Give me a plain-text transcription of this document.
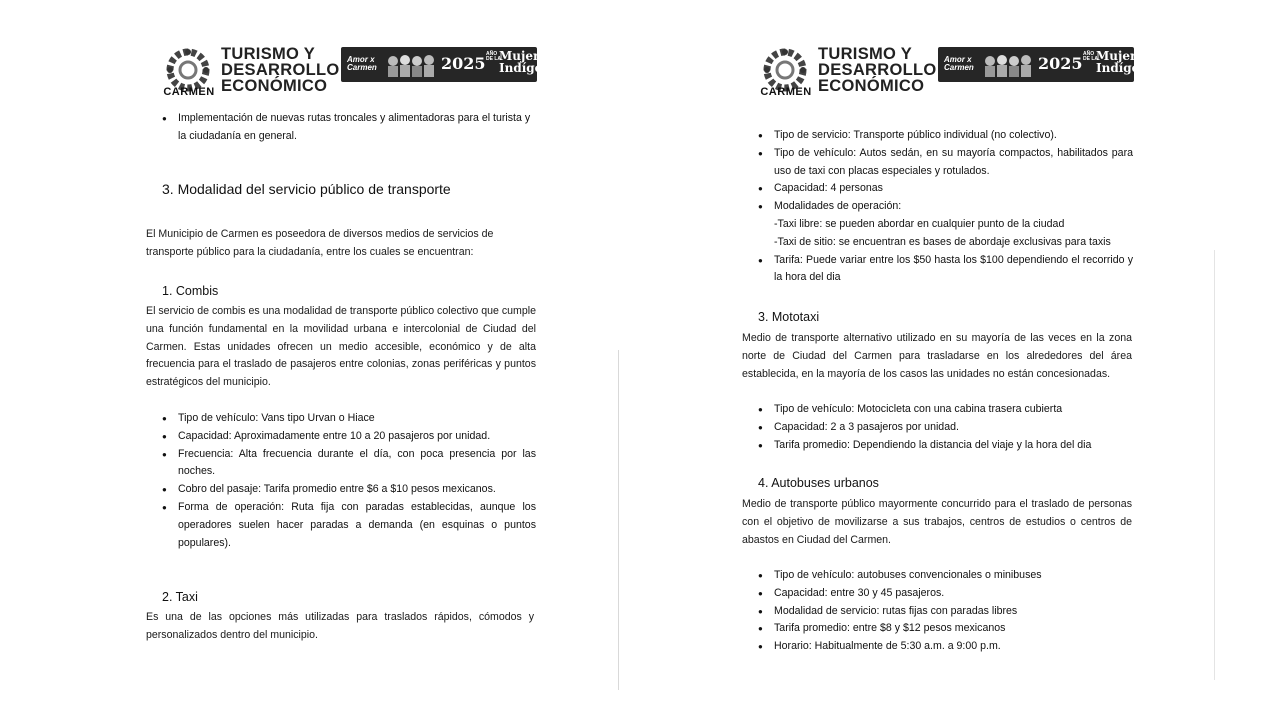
CARMEN
TURISMO Y
DESARROLLO
ECONÓMICO
Amor x Carmen	2025 AÑO DE LA
Mujer
Indígena
● Implementación de nuevas rutas troncales y alimentadoras para el turista y la ciudadanía en general.
3. Modalidad del servicio público de transporte
El Municipio de Carmen es poseedora de diversos medios de servicios de transporte público para la ciudadanía, entre los cuales se encuentran:
1. Combis
El servicio de combis es una modalidad de transporte público colectivo que cumple una función fundamental en la movilidad urbana e intercolonial de Ciudad del Carmen. Estas unidades ofrecen un medio accesible, económico y de alta frecuencia para el traslado de pasajeros entre colonias, zonas periféricas y puntos estratégicos del municipio.
● Tipo de vehículo: Vans tipo Urvan o Hiace
● Capacidad: Aproximadamente entre 10 a 20 pasajeros por unidad.
● Frecuencia: Alta frecuencia durante el día, con poca presencia por las noches.
● Cobro del pasaje: Tarifa promedio entre $6 a $10 pesos mexicanos.
● Forma de operación: Ruta fija con paradas establecidas, aunque los operadores suelen hacer paradas a demanda (en esquinas o puntos populares).
2. Taxi
Es una de las opciones más utilizadas para traslados rápidos, cómodos y personalizados dentro del municipio.
CARMEN
TURISMO Y
DESARROLLO
ECONÓMICO
Amor x Carmen	2025 AÑO DE LA
Mujer
Indígena
● Tipo de servicio: Transporte público individual (no colectivo).
● Tipo de vehículo: Autos sedán, en su mayoría compactos, habilitados para uso de taxi con placas especiales y rotulados.
● Capacidad: 4 personas
● Modalidades de operación:
-Taxi libre: se pueden abordar en cualquier punto de la ciudad
-Taxi de sitio: se encuentran es bases de abordaje exclusivas para taxis
● Tarifa: Puede variar entre los $50 hasta los $100 dependiendo el recorrido y la hora del dia
3. Mototaxi
Medio de transporte alternativo utilizado en su mayoría de las veces en la zona norte de Ciudad del Carmen para trasladarse en los alrededores del área establecida, en la mayoría de los casos las unidades no están concesionadas.
● Tipo de vehículo: Motocicleta con una cabina trasera cubierta
● Capacidad: 2 a 3 pasajeros por unidad.
● Tarifa promedio: Dependiendo la distancia del viaje y la hora del dia
4. Autobuses urbanos
Medio de transporte público mayormente concurrido para el traslado de personas con el objetivo de movilizarse a sus trabajos, centros de estudios o centros de abastos en Ciudad del Carmen.
● Tipo de vehículo: autobuses convencionales o minibuses
● Capacidad: entre 30 y 45 pasajeros.
● Modalidad de servicio: rutas fijas con paradas libres
● Tarifa promedio: entre $8 y $12 pesos mexicanos
● Horario: Habitualmente de 5:30 a.m. a 9:00 p.m.
